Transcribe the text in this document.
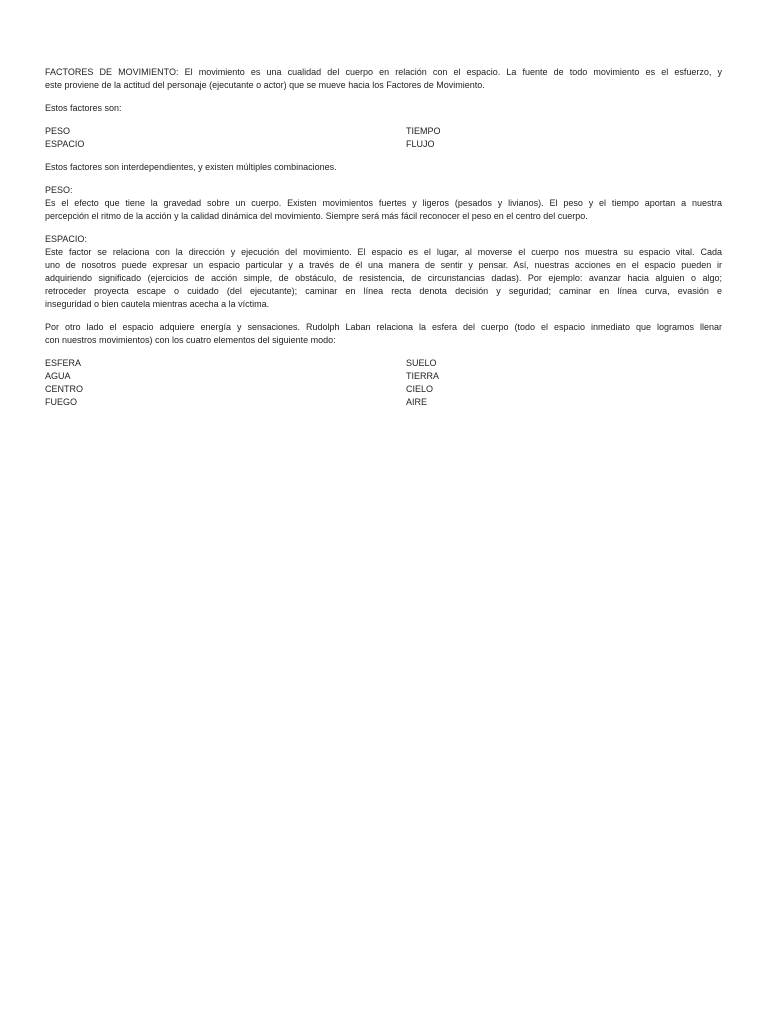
FACTORES DE MOVIMIENTO: El movimiento es una cualidad del cuerpo en relación con el espacio. La fuente de todo movimiento es el esfuerzo, y

este proviene de la actitud del personaje (ejecutante o actor) que se mueve hacia los Factores de Movimiento.

Estos factores son:

PESO	TIEMPO
ESPACIO	FLUJO

Estos factores son interdependientes, y existen múltiples combinaciones.

PESO:

Es el efecto que tiene la gravedad sobre un cuerpo. Existen movimientos fuertes y ligeros (pesados y livianos). El peso y el tiempo aportan a nuestra

percepción el ritmo de la acción y la calidad dinámica del movimiento. Siempre será más fácil reconocer el peso en el centro del cuerpo.

ESPACIO:

Este factor se relaciona con la dirección y ejecución del movimiento. El espacio es el lugar, al moverse el cuerpo nos muestra su espacio vital. Cada

uno de nosotros puede expresar un espacio particular y a través de él una manera de sentir y pensar. Así, nuestras acciones en el espacio pueden ir

adquiriendo significado (ejercicios de acción simple, de obstáculo, de resistencia, de circunstancias dadas). Por ejemplo: avanzar hacia alguien o algo;

retroceder proyecta escape o cuidado (del ejecutante); caminar en línea recta denota decisión y seguridad; caminar en línea curva, evasión e

inseguridad o bien cautela mientras acecha a la víctima.

Por otro lado el espacio adquiere energía y sensaciones. Rudolph Laban relaciona la esfera del cuerpo (todo el espacio inmediato que logramos llenar

con nuestros movimientos) con los cuatro elementos del siguiente modo:

ESFERA	SUELO
AGUA	TIERRA
CENTRO	CIELO
FUEGO	AIRE
